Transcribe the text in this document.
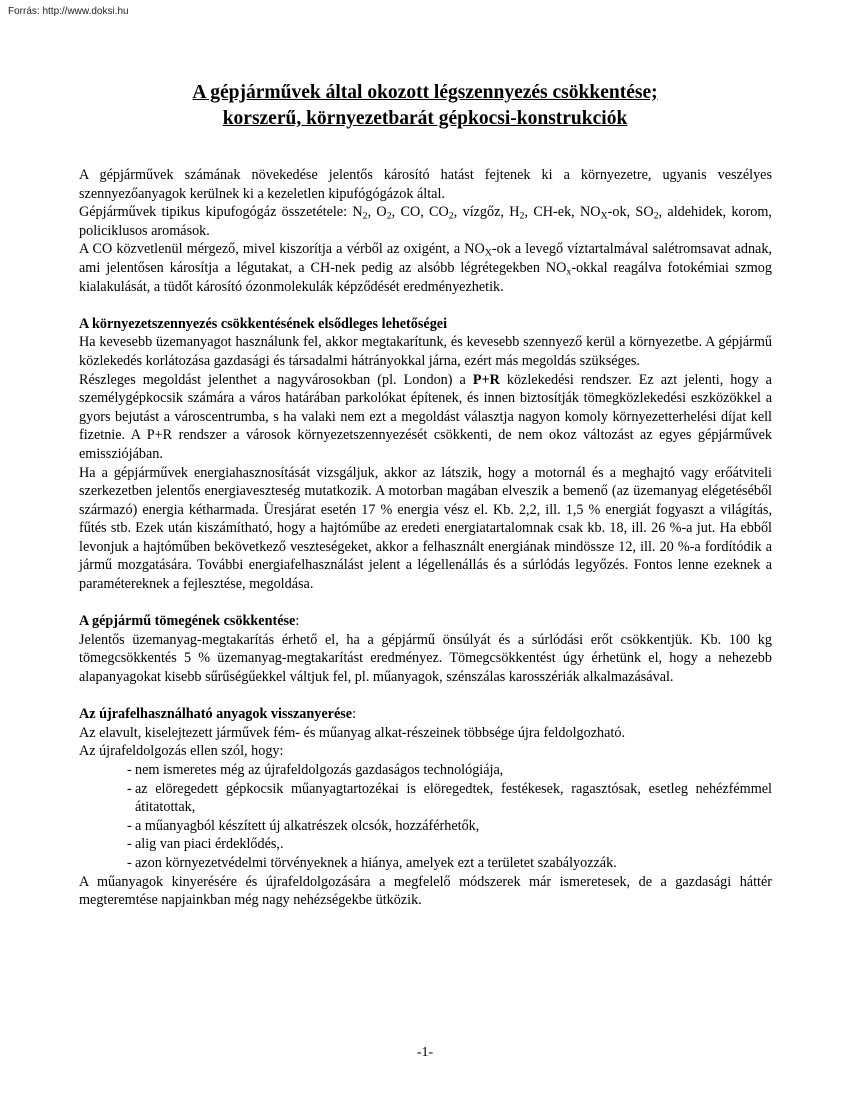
Forrás: http://www.doksi.hu
A gépjárművek által okozott légszennyezés csökkentése;
korszerű, környezetbarát gépkocsi-konstrukciók

A gépjárművek számának növekedése jelentős károsító hatást fejtenek ki a környezetre, ugyanis veszélyes szennyezőanyagok kerülnek ki a kezeletlen kipufógógázok által.

Gépjárművek tipikus kipufogógáz összetétele: $N_2$, $O_2$, CO, $CO_2$, vízgőz, $H_2$, CH-ek, $NO_X-ok$, $SO_2$, aldehidek, korom, policiklusos aromások.

A CO közvetlenül mérgező, mivel kiszorítja a vérből az oxigént, a $NO_X-ok$ a levegő víztartalmával salétromsavat adnak, ami jelentősen károsítja a légutakat, a CH-nek pedig az alsóbb légrétegekben $NO_x$-okkal reagálva fotokémiai szmog kialakulását, a tüdőt károsító ózonmolekulák képződését eredményezhetik.

A környezetszennyezés csökkentésének elsődleges lehetőségei

Ha kevesebb üzemanyagot használunk fel, akkor megtakarítunk, és kevesebb szennyező kerül a környezetbe. A gépjármű közlekedés korlátozása gazdasági és társadalmi hátrányokkal járna, ezért más megoldás szükséges.

Részleges megoldást jelenthet a nagyvárosokban (pl. London) a P+R közlekedési rendszer. Ez azt jelenti, hogy a személygépkocsik számára a város határában parkolókat építenek, és innen biztosítják tömegközlekedési eszközökkel a gyors bejutást a városcentrumba, s ha valaki nem ezt a megoldást választja nagyon komoly környezetterhelési díjat kell fizetnie. A P+R rendszer a városok környezetszennyezését csökkenti, de nem okoz változást az egyes gépjárművek emissziójában.

Ha a gépjárművek energiahasznosítását vizsgáljuk, akkor az látszik, hogy a motornál és a meghajtó vagy erőátviteli szerkezetben jelentős energiaveszteség mutatkozik. A motorban magában elveszik a bemenő (az üzemanyag elégetéséből származó) energia kétharmada. Üresjárat esetén 17 % energia vész el. Kb. 2,2, ill. 1,5 % energiát fogyaszt a világítás, fűtés stb. Ezek után kiszámítható, hogy a hajtóműbe az eredeti energiatartalomnak csak kb. 18, ill. 26 %-a jut. Ha ebből levonjuk a hajtóműben bekövetkező veszteségeket, akkor a felhasznált energiának mindössze 12, ill. 20 %-a fordítódik a jármű mozgatására. További energiafelhasználást jelent a légellenállás és a súrlódás legyőzés. Fontos lenne ezeknek a paramétereknek a fejlesztése, megoldása.

A gépjármű tömegének csökkentése:

Jelentős üzemanyag-megtakarítás érhető el, ha a gépjármű önsúlyát és a súrlódási erőt csökkentjük. Kb. 100 kg tömegcsökkentés 5 % üzemanyag-megtakarítást eredményez. Tömegcsökkentést úgy érhetünk el, hogy a nehezebb alapanyagokat kisebb sűrűségűekkel váltjuk fel, pl. műanyagok, szénszálas karosszériák alkalmazásával.

Az újrafelhasználható anyagok visszanyerése:

Az elavult, kiselejtezett járművek fém- és műanyag alkat-részeinek többsége újra feldolgozható.

Az újrafeldolgozás ellen szól, hogy:

- nem ismeretes még az újrafeldolgozás gazdaságos technológiája,
- az elöregedett gépkocsik műanyagtartozékai is elöregedtek, festékesek, ragasztósak, esetleg nehézfémmel átitatottak,
- a műanyagból készített új alkatrészek olcsók, hozzáférhetők,
- alig van piaci érdeklődés,.
- azon környezetvédelmi törvényeknek a hiánya, amelyek ezt a területet szabályozzák.

A műanyagok kinyerésére és újrafeldolgozására a megfelelő módszerek már ismeretesek, de a gazdasági háttér megteremtése napjainkban még nagy nehézségekbe ütközik.

-1-
